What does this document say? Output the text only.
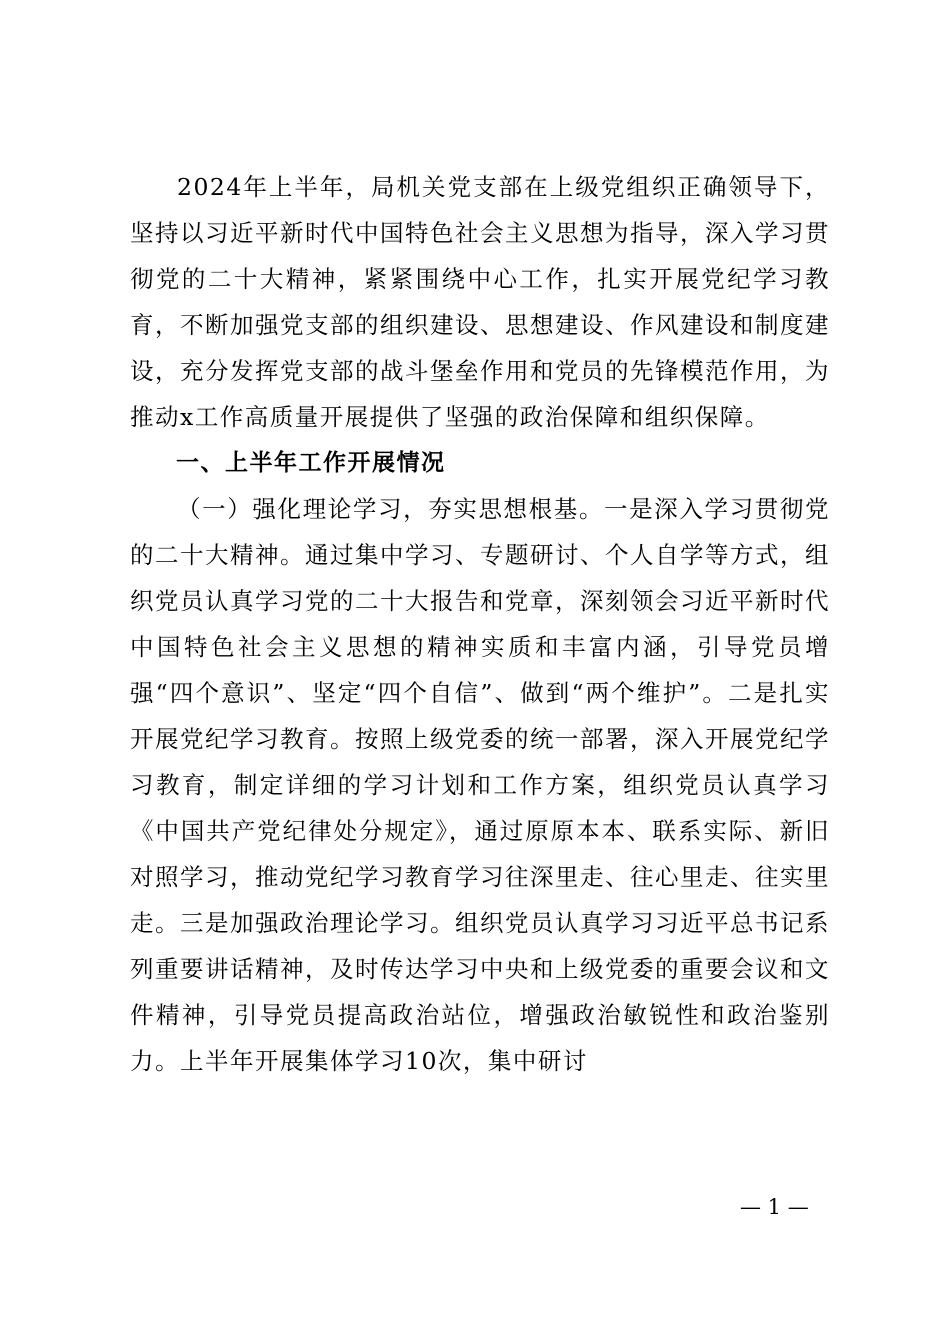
2024年上半年，局机关党支部在上级党组织正确领导下，坚持以习近平新时代中国特色社会主义思想为指导，深入学习贯彻党的二十大精神，紧紧围绕中心工作，扎实开展党纪学习教育，不断加强党支部的组织建设、思想建设、作风建设和制度建设，充分发挥党支部的战斗堡垒作用和党员的先锋模范作用，为推动x工作高质量开展提供了坚强的政治保障和组织保障。

一、上半年工作开展情况

（一）强化理论学习，夯实思想根基。一是深入学习贯彻党的二十大精神。通过集中学习、专题研讨、个人自学等方式，组织党员认真学习党的二十大报告和党章，深刻领会习近平新时代中国特色社会主义思想的精神实质和丰富内涵，引导党员增强“四个意识”、坚定“四个自信”、做到“两个维护”。二是扎实开展党纪学习教育。按照上级党委的统一部署，深入开展党纪学习教育，制定详细的学习计划和工作方案，组织党员认真学习《中国共产党纪律处分规定》，通过原原本本、联系实际、新旧对照学习，推动党纪学习教育学习往深里走、往心里走、往实里走。三是加强政治理论学习。组织党员认真学习习近平总书记系列重要讲话精神，及时传达学习中央和上级党委的重要会议和文件精神，引导党员提高政治站位，增强政治敏锐性和政治鉴别力。上半年开展集体学习10次，集中研讨

— 1 —
